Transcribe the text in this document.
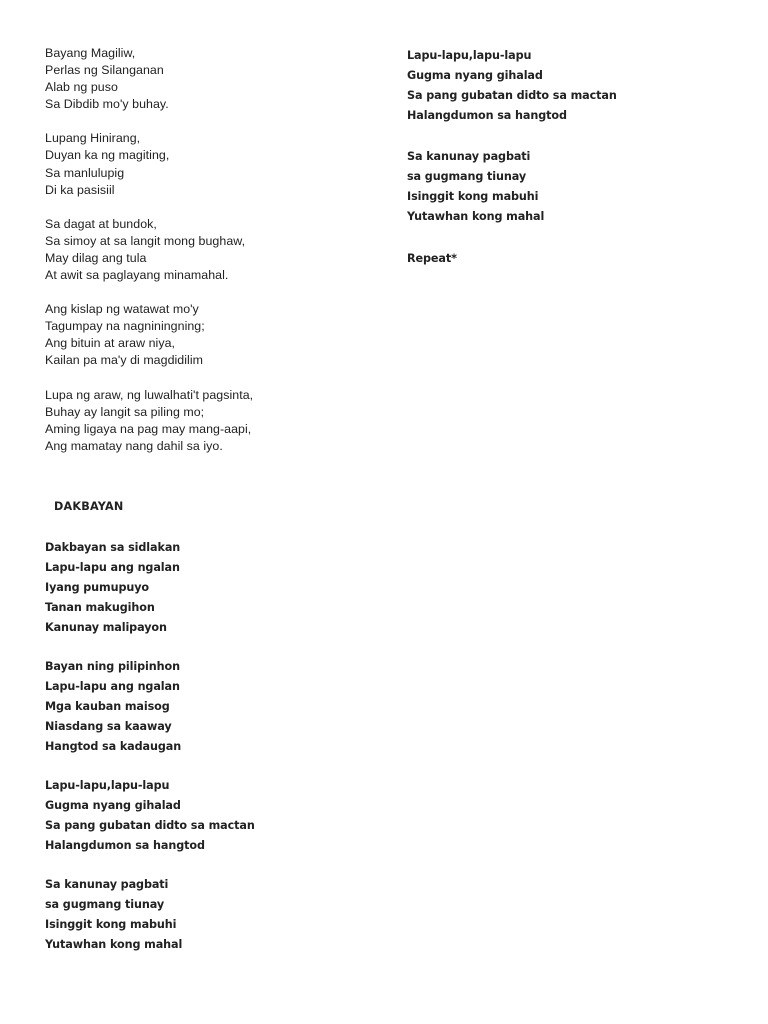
Bayang Magiliw,
Perlas ng Silanganan
Alab ng puso
Sa Dibdib mo'y buhay.

Lupang Hinirang,
Duyan ka ng magiting,
Sa manlulupig
Di ka pasisiil

Sa dagat at bundok,
Sa simoy at sa langit mong bughaw,
May dilag ang tula
At awit sa paglayang minamahal.

Ang kislap ng watawat mo'y
Tagumpay na nagniningning;
Ang bituin at araw niya,
Kailan pa ma'y di magdidilim

Lupa ng araw, ng luwalhati't pagsinta,
Buhay ay langit sa piling mo;
Aming ligaya na pag may mang-aapi,
Ang mamatay nang dahil sa iyo.

DAKBAYAN

Dakbayan sa sidlakan
Lapu-lapu ang ngalan
Iyang pumupuyo
Tanan makugihon
Kanunay malipayon

Bayan ning pilipinhon
Lapu-lapu ang ngalan
Mga kauban maisog
Niasdang sa kaaway
Hangtod sa kadaugan

Lapu-lapu,lapu-lapu
Gugma nyang gihalad
Sa pang gubatan didto sa mactan
Halangdumon sa hangtod

Sa kanunay pagbati
sa gugmang tiunay
Isinggit kong mabuhi
Yutawhan kong mahal

Lapu-lapu,lapu-lapu
Gugma nyang gihalad
Sa pang gubatan didto sa mactan
Halangdumon sa hangtod

Sa kanunay pagbati
sa gugmang tiunay
Isinggit kong mabuhi
Yutawhan kong mahal

Repeat*
